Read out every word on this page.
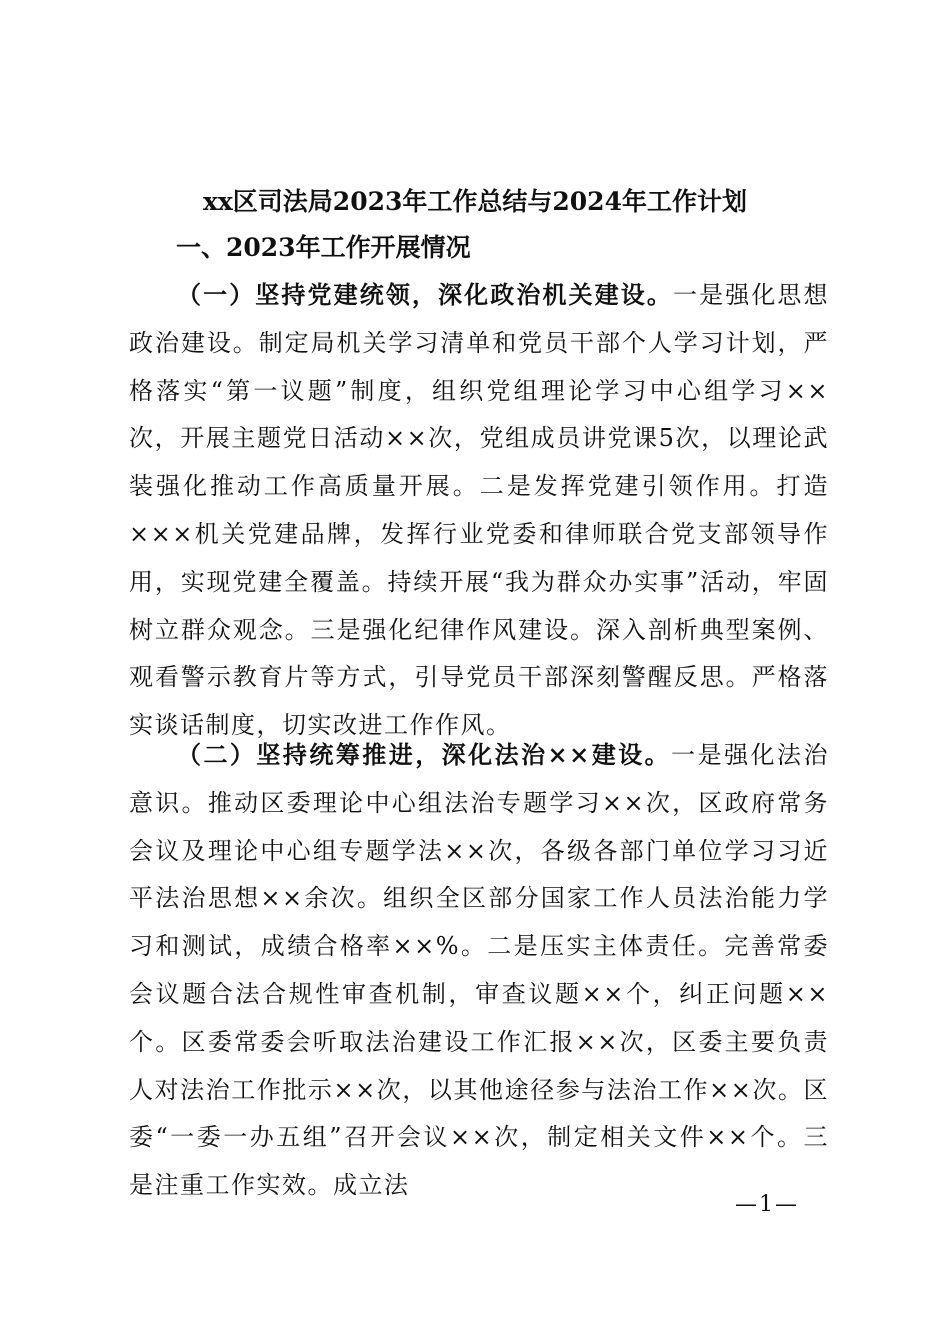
xx区司法局2023年工作总结与2024年工作计划
一、2023年工作开展情况

（一）坚持党建统领，深化政治机关建设。一是强化思想政治建设。制定局机关学习清单和党员干部个人学习计划，严格落实“第一议题”制度，组织党组理论学习中心组学习××次，开展主题党日活动××次，党组成员讲党课5次，以理论武装强化推动工作高质量开展。二是发挥党建引领作用。打造×××机关党建品牌，发挥行业党委和律师联合党支部领导作用，实现党建全覆盖。持续开展“我为群众办实事”活动，牢固树立群众观念。三是强化纪律作风建设。深入剖析典型案例、观看警示教育片等方式，引导党员干部深刻警醒反思。严格落实谈话制度，切实改进工作作风。

（二）坚持统筹推进，深化法治××建设。一是强化法治意识。推动区委理论中心组法治专题学习××次，区政府常务会议及理论中心组专题学法××次，各级各部门单位学习习近平法治思想××余次。组织全区部分国家工作人员法治能力学习和测试，成绩合格率××%。二是压实主体责任。完善常委会议题合法合规性审查机制，审查议题××个，纠正问题××个。区委常委会听取法治建设工作汇报××次，区委主要负责人对法治工作批示××次，以其他途径参与法治工作××次。区委“一委一办五组”召开会议××次，制定相关文件××个。三是注重工作实效。成立法

—1—
